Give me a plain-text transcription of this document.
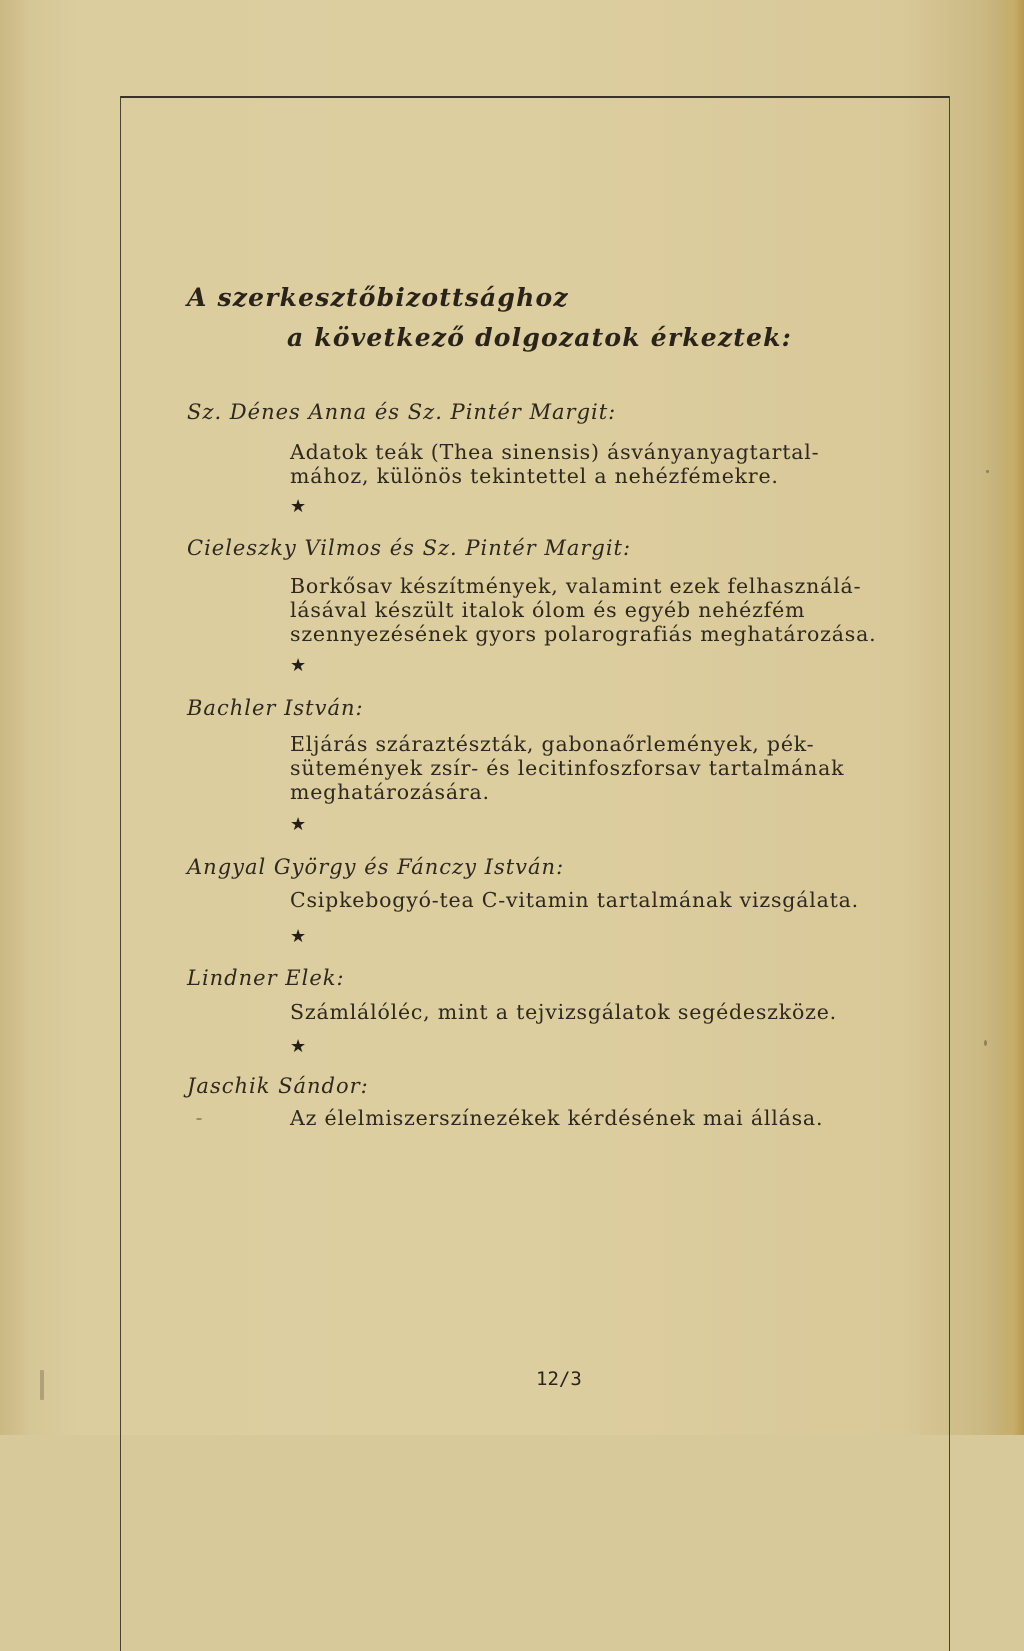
A szerkesztőbizottsághoz
a következő dolgozatok érkeztek:
Sz. Dénes Anna és Sz. Pintér Margit:
Adatok teák (Thea sinensis) ásványanyagtartal-
mához, különös tekintettel a nehézfémekre.
★
Cieleszky Vilmos és Sz. Pintér Margit:
Borkősav készítmények, valamint ezek felhasználá-
lásával készült italok ólom és egyéb nehézfém
szennyezésének gyors polarografiás meghatározása.
★
Bachler István:
Eljárás száraztészták, gabonaőrlemények, pék-
sütemények zsír- és lecitinfoszforsav tartalmának
meghatározására.
★
Angyal György és Fánczy István:
Csipkebogyó-tea C-vitamin tartalmának vizsgálata.
★
Lindner Elek:
Számlálóléc, mint a tejvizsgálatok segédeszköze.
★
Jaschik Sándor:
Az élelmiszerszínezékek kérdésének mai állása.
12/3
